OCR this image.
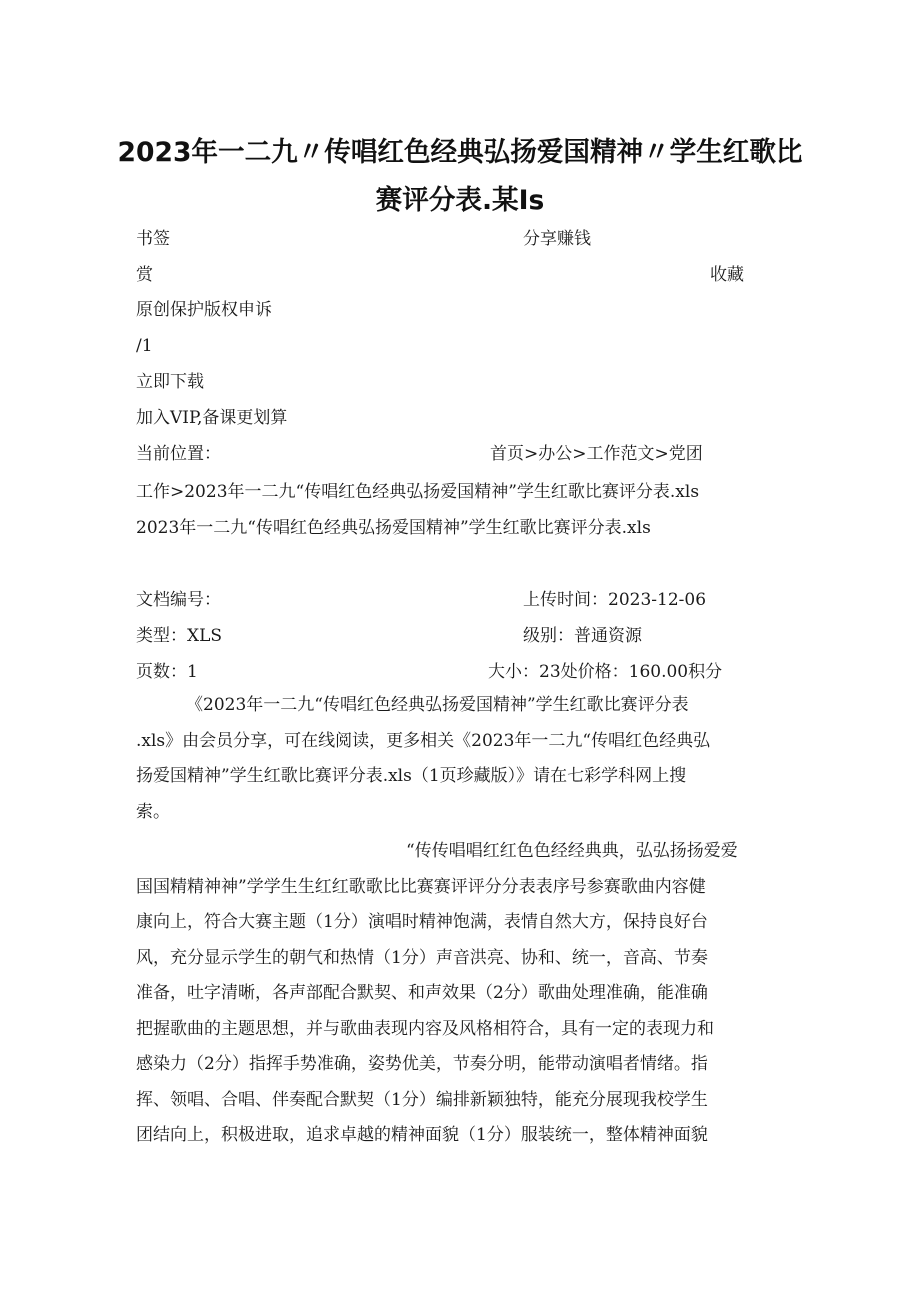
2023年一二九〃传唱红色经典弘扬爱国精神〃学生红歌比
赛评分表.某Is
书签	分享赚钱
赏	收藏
原创保护版权申诉
/1
立即下载
加入VIP,备课更划算
当前位置：	首页>办公>工作范文>党团
工作>2023年一二九“传唱红色经典弘扬爱国精神”学生红歌比赛评分表.xls
2023年一二九“传唱红色经典弘扬爱国精神”学生红歌比赛评分表.xls
文档编号：	上传时间：2023-12-06
类型：XLS	级别：普通资源
页数：1	大小：23处价格：160.00积分
《2023年一二九“传唱红色经典弘扬爱国精神”学生红歌比赛评分表
.xls》由会员分享，可在线阅读，更多相关《2023年一二九“传唱红色经典弘
扬爱国精神”学生红歌比赛评分表.xls（1页珍藏版）》请在七彩学科网上搜
索。
“传传唱唱红红色色经经典典，弘弘扬扬爱爱
国国精精神神”学学生生红红歌歌比比赛赛评评分分表表序号参赛歌曲内容健
康向上，符合大赛主题（1分）演唱时精神饱满，表情自然大方，保持良好台
风，充分显示学生的朝气和热情（1分）声音洪亮、协和、统一，音高、节奏
准备，吐字清晰，各声部配合默契、和声效果（2分）歌曲处理准确，能准确
把握歌曲的主题思想，并与歌曲表现内容及风格相符合，具有一定的表现力和
感染力（2分）指挥手势准确，姿势优美，节奏分明，能带动演唱者情绪。指
挥、领唱、合唱、伴奏配合默契（1分）编排新颖独特，能充分展现我校学生
团结向上，积极进取，追求卓越的精神面貌（1分）服装统一，整体精神面貌
